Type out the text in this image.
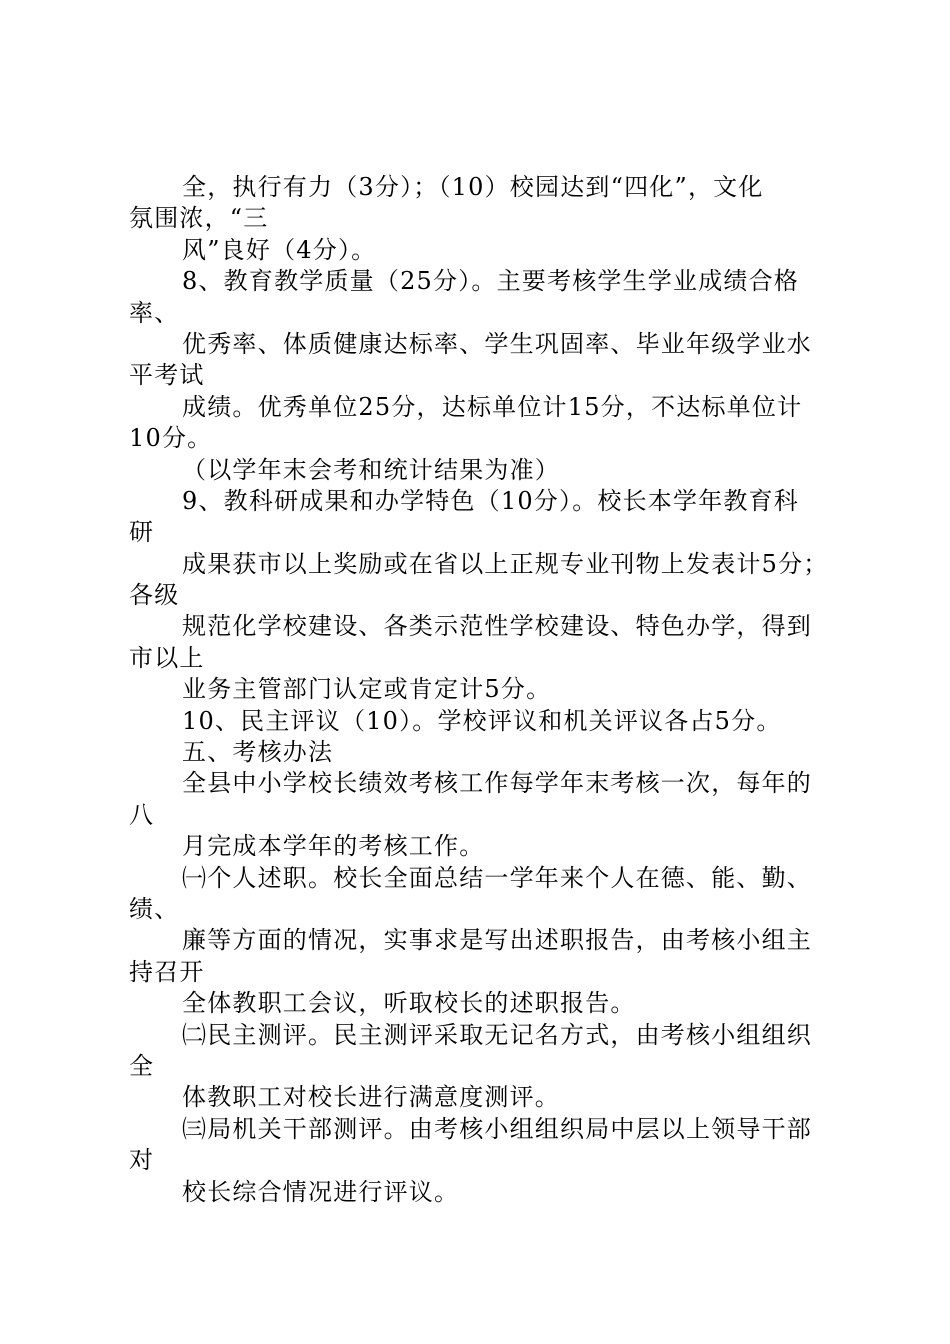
全，执行有力（3分）；（10）校园达到“四化”，文化
氛围浓，“三
风”良好（4分）。
8、教育教学质量（25分）。主要考核学生学业成绩合格
率、
优秀率、体质健康达标率、学生巩固率、毕业年级学业水
平考试
成绩。优秀单位25分，达标单位计15分，不达标单位计
10分。
（以学年末会考和统计结果为准）
9、教科研成果和办学特色（10分）。校长本学年教育科
研
成果获市以上奖励或在省以上正规专业刊物上发表计5分；
各级
规范化学校建设、各类示范性学校建设、特色办学，得到
市以上
业务主管部门认定或肯定计5分。
10、民主评议（10）。学校评议和机关评议各占5分。
五、考核办法
全县中小学校长绩效考核工作每学年末考核一次，每年的
八
月完成本学年的考核工作。
㈠个人述职。校长全面总结一学年来个人在德、能、勤、
绩、
廉等方面的情况，实事求是写出述职报告，由考核小组主
持召开
全体教职工会议，听取校长的述职报告。
㈡民主测评。民主测评采取无记名方式，由考核小组组织
全
体教职工对校长进行满意度测评。
㈢局机关干部测评。由考核小组组织局中层以上领导干部
对
校长综合情况进行评议。
